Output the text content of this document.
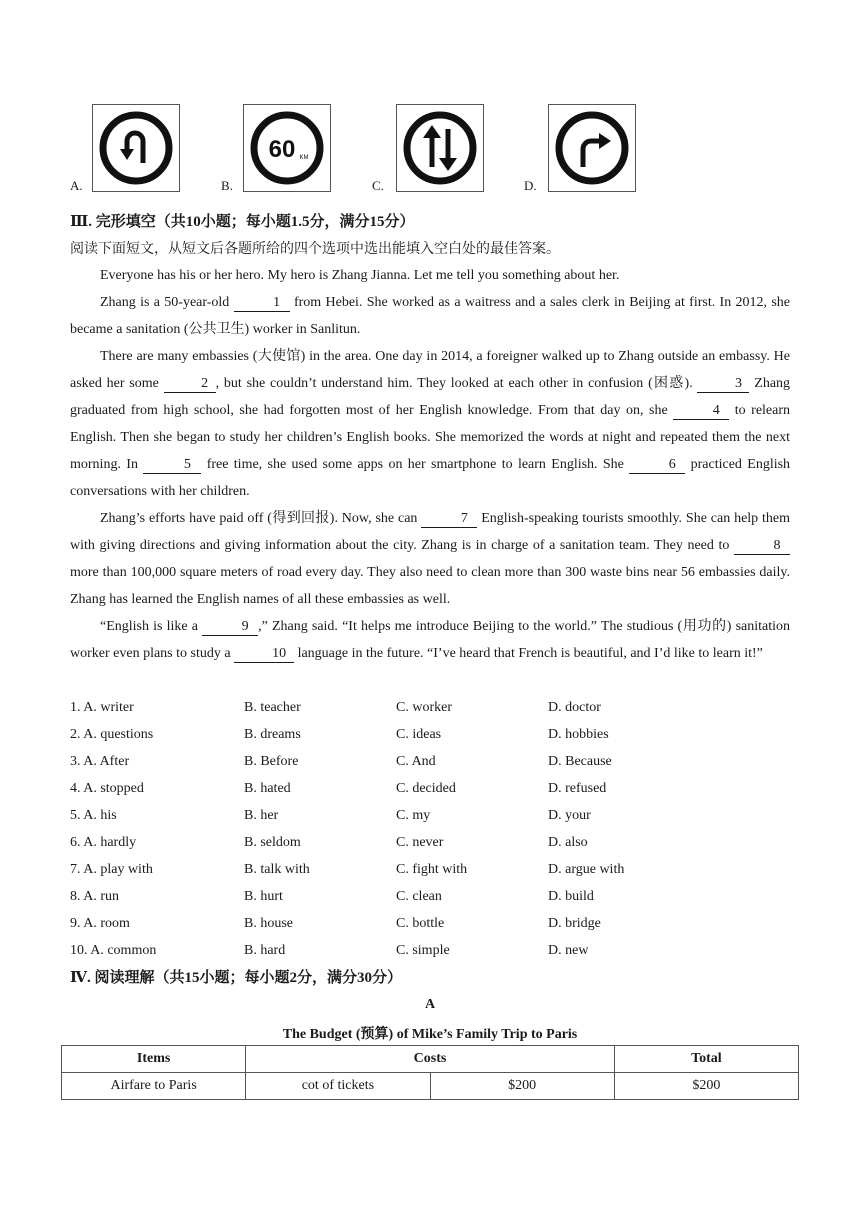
A.	B.
60 KM
C.	D.
Ⅲ. 完形填空（共10小题；每小题1.5分，满分15分）
阅读下面短文，从短文后各题所给的四个选项中选出能填入空白处的最佳答案。
Everyone has his or her hero. My hero is Zhang Jianna. Let me tell you something about her.
Zhang is a 50-year-old	1 from Hebei. She worked as a waitress and a sales clerk in Beijing at first. In 2012, she became a sanitation (公共卫生) worker in Sanlitun.
There are many embassies (大使馆) in the area. One day in 2014, a foreigner walked up to Zhang outside an embassy. He asked her some	2 , but she couldn’t understand him. They looked at each other in confusion (困惑).	3 Zhang graduated from high school, she had forgotten most of her English knowledge. From that day on, she	4 to relearn English. Then she began to study her children’s English books. She memorized the words at night and repeated them the next morning. In	5 free time, she used some apps on her smartphone to learn English. She	6 practiced English conversations with her children.
Zhang’s efforts have paid off (得到回报). Now, she can	7 English-speaking tourists smoothly. She can help them with giving directions and giving information about the city. Zhang is in charge of a sanitation team. They need to	8 more than 100,000 square meters of road every day. They also need to clean more than 300 waste bins near 56 embassies daily. Zhang has learned the English names of all these embassies as well.
“English is like a	9 ,” Zhang said. “It helps me introduce Beijing to the world.” The studious (用功的) sanitation worker even plans to study a	10 language in the future. “I’ve heard that French is beautiful, and I’d like to learn it!”
1. A. writer	B. teacher	C. worker	D. doctor
2. A. questions	B. dreams	C. ideas	D. hobbies
3. A. After	B. Before	C. And	D. Because
4. A. stopped	B. hated	C. decided	D. refused
5. A. his	B. her	C. my	D. your
6. A. hardly	B. seldom	C. never	D. also
7. A. play with	B. talk with	C. fight with	D. argue with
8. A. run	B. hurt	C. clean	D. build
9. A. room	B. house	C. bottle	D. bridge
10. A. common	B. hard	C. simple	D. new
Ⅳ. 阅读理解（共15小题；每小题2分，满分30分）
A
The Budget (预算) of Mike’s Family Trip to Paris
Items	Costs		Total
Airfare to Paris	cot of tickets	$200	$200
